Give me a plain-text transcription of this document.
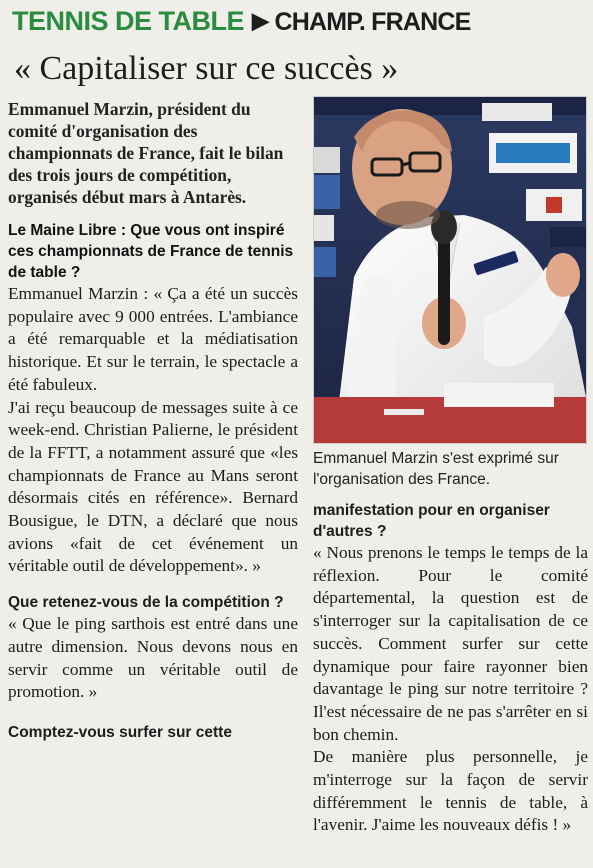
TENNIS DE TABLE ▶ CHAMP. FRANCE
« Capitaliser sur ce succès »

Emmanuel Marzin, président du comité d'organisation des championnats de France, fait le bilan des trois jours de compétition, organisés début mars à Antarès.

Le Maine Libre : Que vous ont inspiré ces championnats de France de tennis de table ?

Emmanuel Marzin : « Ça a été un succès populaire avec 9 000 entrées. L'ambiance a été remarquable et la médiatisation historique. Et sur le terrain, le spectacle a été fabuleux.

J'ai reçu beaucoup de messages suite à ce week-end. Christian Palierne, le président de la FFTT, a notamment assuré que «les championnats de France au Mans seront désormais cités en référence». Bernard Bousigue, le DTN, a déclaré que nous avions «fait de cet événement un véritable outil de développement». »

Que retenez-vous de la compétition ?

« Que le ping sarthois est entré dans une autre dimension. Nous devons nous en servir comme un véritable outil de promotion. »

Comptez-vous surfer sur cette

Emmanuel Marzin s'est exprimé sur l'organisation des France.

manifestation pour en organiser d'autres ?

« Nous prenons le temps le temps de la réflexion. Pour le comité départemental, la question est de s'interroger sur la capitalisation de ce succès. Comment surfer sur cette dynamique pour faire rayonner bien davantage le ping sur notre territoire ? Il'est nécessaire de ne pas s'arrêter en si bon chemin.

De manière plus personnelle, je m'interroge sur la façon de servir différemment le tennis de table, à l'avenir. J'aime les nouveaux défis ! »
